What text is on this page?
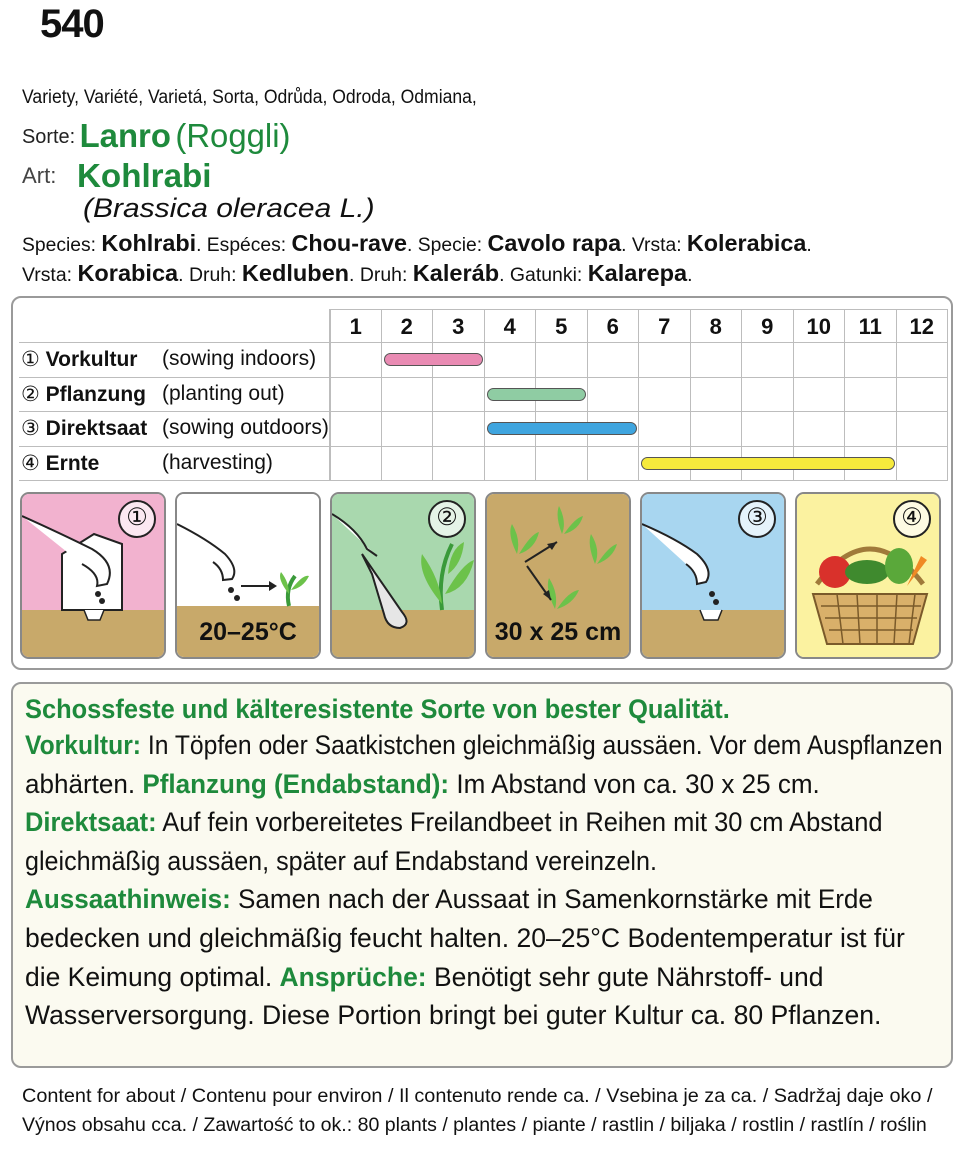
540
Variety, Variété, Varietá, Sorta, Odrůda, Odroda, Odmiana,
Sorte: Lanro (Roggli)
Art: Kohlrabi
(Brassica oleracea L.)
Species: Kohlrabi. Espéces: Chou-rave. Specie: Cavolo rapa. Vrsta: Kolerabica.
Vrsta: Korabica. Druh: Kedluben. Druh: Kaleráb. Gatunki: Kalarepa.
1	2	3	4	5	6	7	8	9	10	11	12
① Vorkultur (sowing indoors)
② Pflanzung (planting out)
③ Direktsaat (sowing outdoors)
④ Ernte	(harvesting)
①
20–25°C
②
30 x 25 cm
③	④
Schossfeste und kälteresistente Sorte von bester Qualität.
Vorkultur: In Töpfen oder Saatkistchen gleichmäßig aussäen. Vor dem Auspflanzen
abhärten. Pflanzung (Endabstand): Im Abstand von ca. 30 x 25 cm.
Direktsaat: Auf fein vorbereitetes Freilandbeet in Reihen mit 30 cm Abstand
gleichmäßig aussäen, später auf Endabstand vereinzeln.
Aussaathinweis: Samen nach der Aussaat in Samenkornstärke mit Erde
bedecken und gleichmäßig feucht halten. 20–25°C Bodentemperatur ist für
die Keimung optimal. Ansprüche: Benötigt sehr gute Nährstoff- und
Wasserversorgung. Diese Portion bringt bei guter Kultur ca. 80 Pflanzen.
Content for about / Contenu pour environ / Il contenuto rende ca. / Vsebina je za ca. / Sadržaj daje oko /
Výnos obsahu cca. / Zawartość to ok.: 80 plants / plantes / piante / rastlin / biljaka / rostlin / rastlín / roślin
